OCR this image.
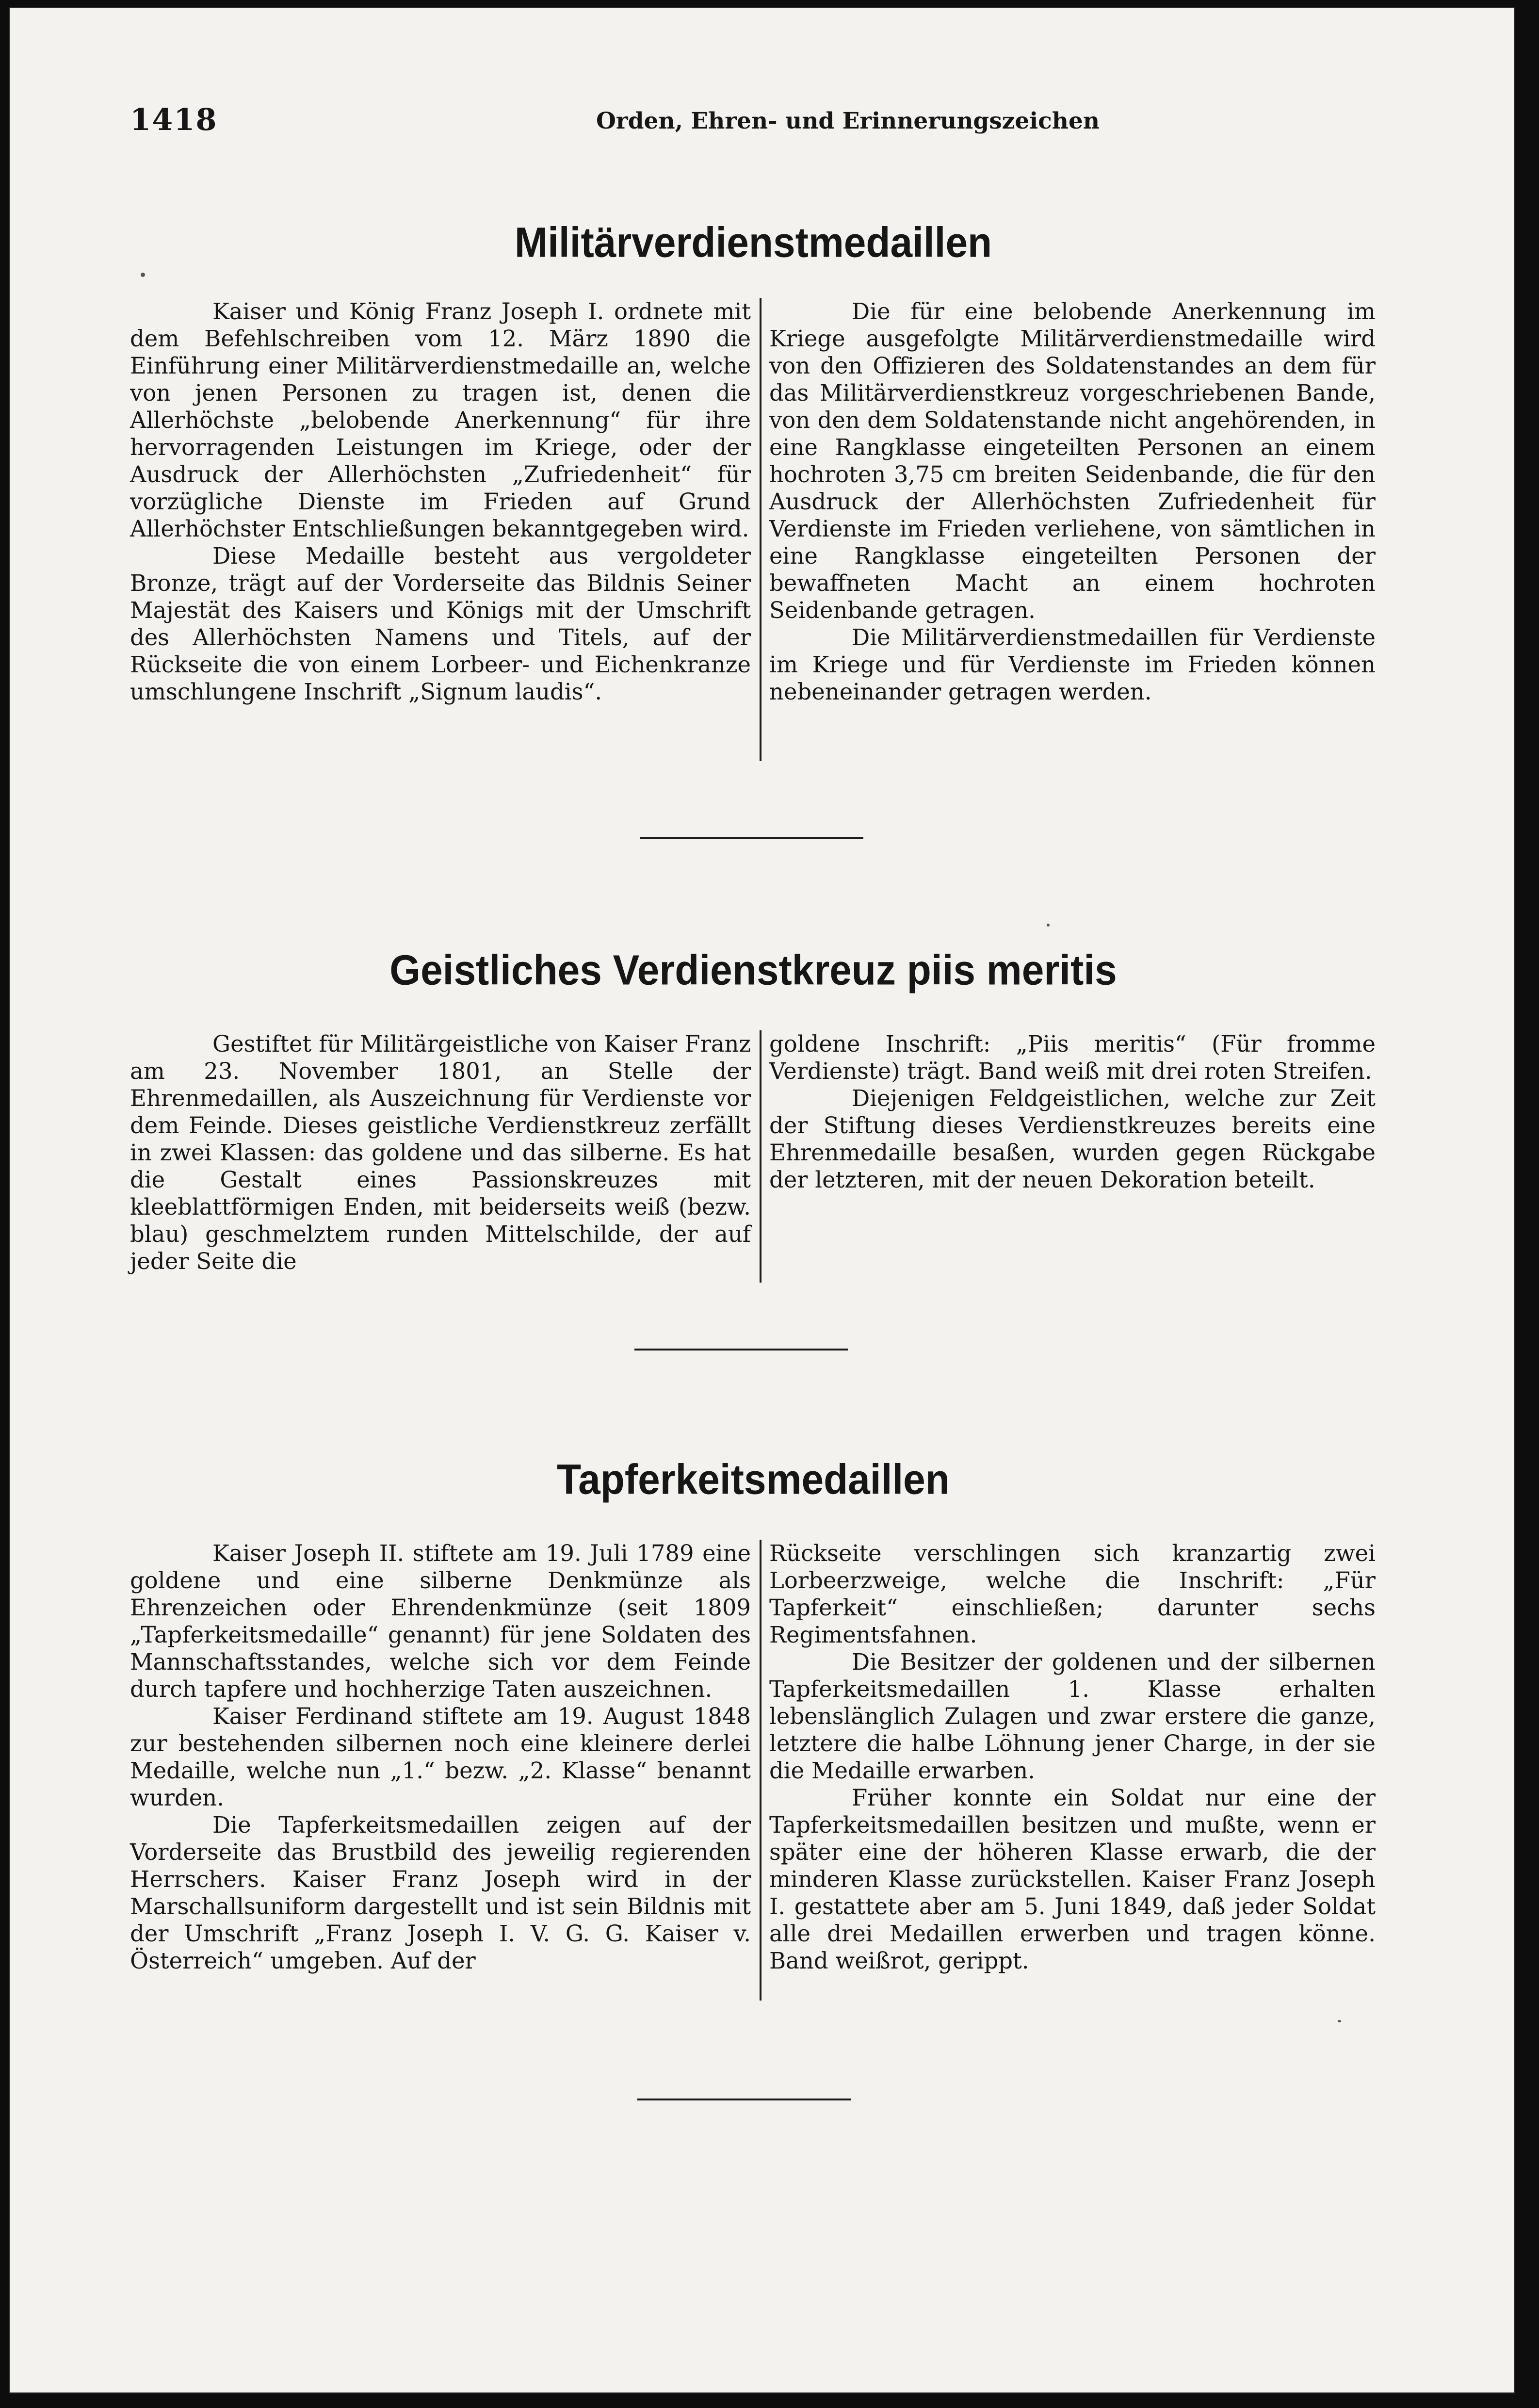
1418	Orden, Ehren- und Erinnerungszeichen
Militärverdienstmedaillen

Kaiser und König Franz Joseph I. ordnete mit dem Befehlschreiben vom 12. März 1890 die Einführung einer Militärverdienstmedaille an, welche von jenen Personen zu tragen ist, denen die Allerhöchste „belobende Anerkennung“ für ihre hervorragenden Leistungen im Kriege, oder der Ausdruck der Allerhöchsten „Zufriedenheit“ für vorzügliche Dienste im Frieden auf Grund Allerhöchster Entschließungen bekanntgegeben wird.

Diese Medaille besteht aus vergoldeter Bronze, trägt auf der Vorderseite das Bildnis Seiner Majestät des Kaisers und Königs mit der Umschrift des Allerhöchsten Namens und Titels, auf der Rückseite die von einem Lorbeer- und Eichenkranze umschlungene Inschrift „Signum laudis“.

Die für eine belobende Anerkennung im Kriege ausgefolgte Militärverdienstmedaille wird von den Offizieren des Soldatenstandes an dem für das Militärverdienstkreuz vorgeschriebenen Bande, von den dem Soldatenstande nicht angehörenden, in eine Rangklasse eingeteilten Personen an einem hochroten 3,75 cm breiten Seidenbande, die für den Ausdruck der Allerhöchsten Zufriedenheit für Verdienste im Frieden verliehene, von sämtlichen in eine Rangklasse eingeteilten Personen der bewaffneten Macht an einem hochroten Seidenbande getragen.

Die Militärverdienstmedaillen für Verdienste im Kriege und für Verdienste im Frieden können nebeneinander getragen werden.

Geistliches Verdienstkreuz piis meritis

Gestiftet für Militärgeistliche von Kaiser Franz am 23. November 1801, an Stelle der Ehrenmedaillen, als Auszeichnung für Verdienste vor dem Feinde. Dieses geistliche Verdienstkreuz zerfällt in zwei Klassen: das goldene und das silberne. Es hat die Gestalt eines Passionskreuzes mit kleeblattförmigen Enden, mit beiderseits weiß (bezw. blau) geschmelztem runden Mittelschilde, der auf jeder Seite die

goldene Inschrift: „Piis meritis“ (Für fromme Verdienste) trägt. Band weiß mit drei roten Streifen.

Diejenigen Feldgeistlichen, welche zur Zeit der Stiftung dieses Verdienstkreuzes bereits eine Ehrenmedaille besaßen, wurden gegen Rückgabe der letzteren, mit der neuen Dekoration beteilt.

Tapferkeitsmedaillen

Kaiser Joseph II. stiftete am 19. Juli 1789 eine goldene und eine silberne Denkmünze als Ehrenzeichen oder Ehrendenkmünze (seit 1809 „Tapferkeitsmedaille“ genannt) für jene Soldaten des Mannschaftsstandes, welche sich vor dem Feinde durch tapfere und hochherzige Taten auszeichnen.

Kaiser Ferdinand stiftete am 19. August 1848 zur bestehenden silbernen noch eine kleinere derlei Medaille, welche nun „1.“ bezw. „2. Klasse“ benannt wurden.

Die Tapferkeitsmedaillen zeigen auf der Vorderseite das Brustbild des jeweilig regierenden Herrschers. Kaiser Franz Joseph wird in der Marschallsuniform dargestellt und ist sein Bildnis mit der Umschrift „Franz Joseph I. V. G. G. Kaiser v. Österreich“ umgeben. Auf der

Rückseite verschlingen sich kranzartig zwei Lorbeerzweige, welche die Inschrift: „Für Tapferkeit“ einschließen; darunter sechs Regimentsfahnen.

Die Besitzer der goldenen und der silbernen Tapferkeitsmedaillen 1. Klasse erhalten lebenslänglich Zulagen und zwar erstere die ganze, letztere die halbe Löhnung jener Charge, in der sie die Medaille erwarben.

Früher konnte ein Soldat nur eine der Tapferkeitsmedaillen besitzen und mußte, wenn er später eine der höheren Klasse erwarb, die der minderen Klasse zurückstellen. Kaiser Franz Joseph I. gestattete aber am 5. Juni 1849, daß jeder Soldat alle drei Medaillen erwerben und tragen könne. Band weißrot, gerippt.
